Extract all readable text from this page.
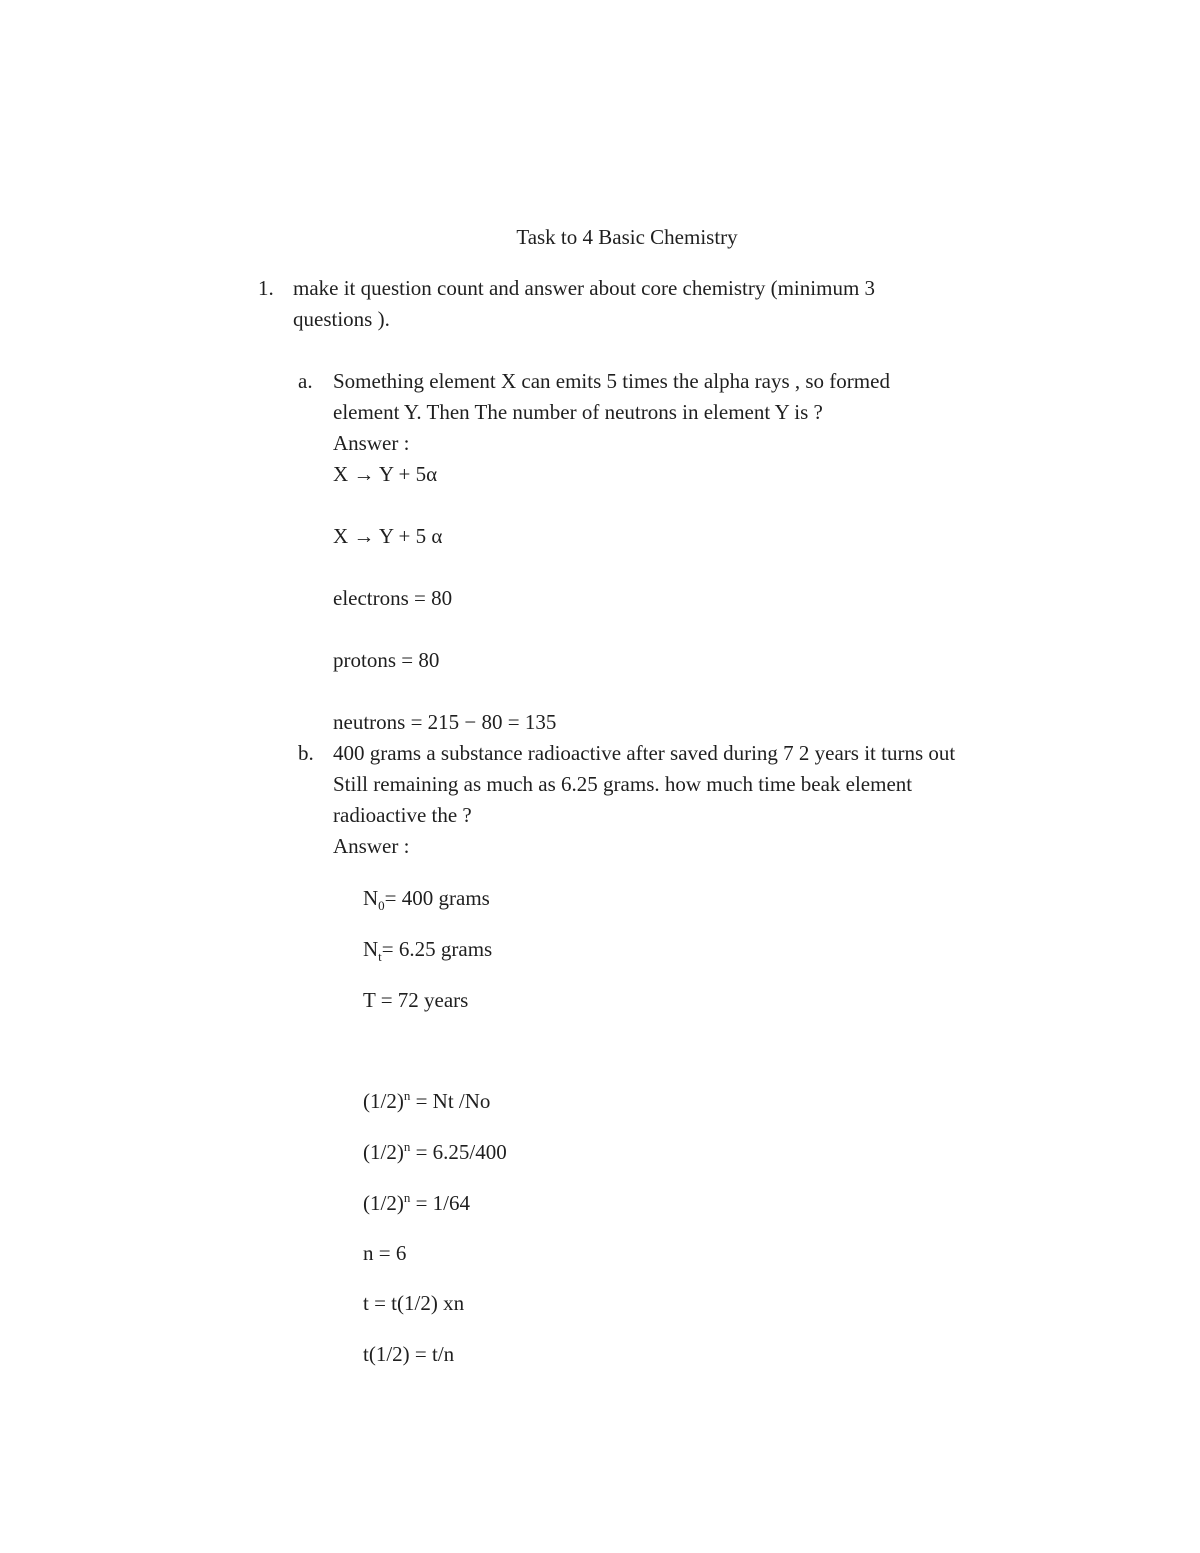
Task to 4 Basic Chemistry
1. make it question count and answer about core chemistry (minimum 3
questions ).
a. Something element X can emits 5 times the alpha rays , so formed
element Y. Then The number of neutrons in element Y is ?
Answer :
X → Y + 5α
X → Y + 5 α
electrons = 80
protons = 80
neutrons = 215 − 80 = 135
b. 400 grams a substance radioactive after saved during 7 2 years it turns out
Still remaining as much as 6.25 grams. how much time beak element
radioactive the ?
Answer :
$N_0= 400$ grams
$N_t= 6.25$ grams
T = 72 years
$(1/2)^n = Nt$ /No
$(1/2)^n = 6.25/400$
$(1/2)^n = 1/64$
n = 6
t = t(1/2) xn
t(1/2) = t/n
